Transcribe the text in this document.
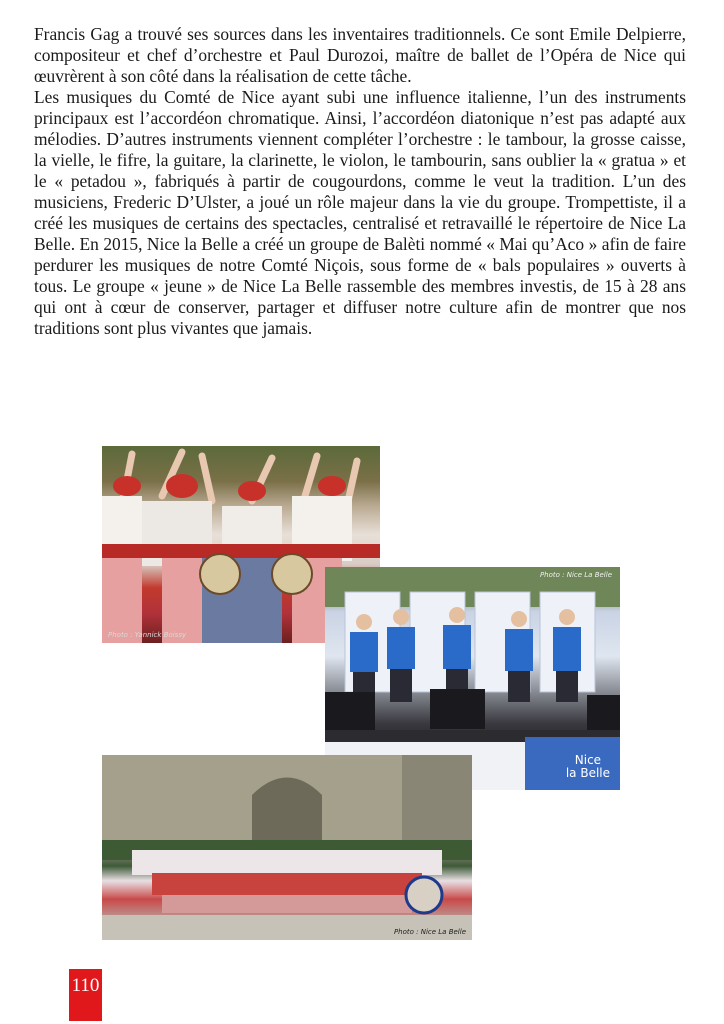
Francis Gag a trouvé ses sources dans les inventaires traditionnels. Ce sont Emile Delpierre, compositeur et chef d’orchestre et Paul Durozoi, maître de ballet de l’Opéra de Nice qui œuvrèrent à son côté dans la réalisation de cette tâche.

Les musiques du Comté de Nice ayant subi une influence italienne, l’un des instruments principaux est l’accordéon chromatique. Ainsi, l’accordéon diatonique n’est pas adapté aux mélodies. D’autres instruments viennent compléter l’orchestre : le tambour, la grosse caisse, la vielle, le fifre, la guitare, la clarinette, le violon, le tambourin, sans oublier la « gratua » et le « petadou », fabriqués à partir de cougourdons, comme le veut la tradition. L’un des musiciens, Frederic D’Ulster, a joué un rôle majeur dans la vie du groupe. Trompettiste, il a créé les musiques de certains des spectacles, centralisé et retravaillé le répertoire de Nice La Belle. En 2015, Nice la Belle a créé un groupe de Balèti nommé « Mai qu’Aco » afin de faire perdurer les musiques de notre Comté Niçois, sous forme de « bals populaires » ouverts à tous. Le groupe « jeune » de Nice La Belle rassemble des membres investis, de 15 à 28 ans qui ont à cœur de conserver, partager et diffuser notre culture afin de montrer que nos traditions sont plus vivantes que jamais.

Photo : Yannick Boissy
Photo : Nice La Belle
Nice
la Belle
Photo : Nice La Belle
110
